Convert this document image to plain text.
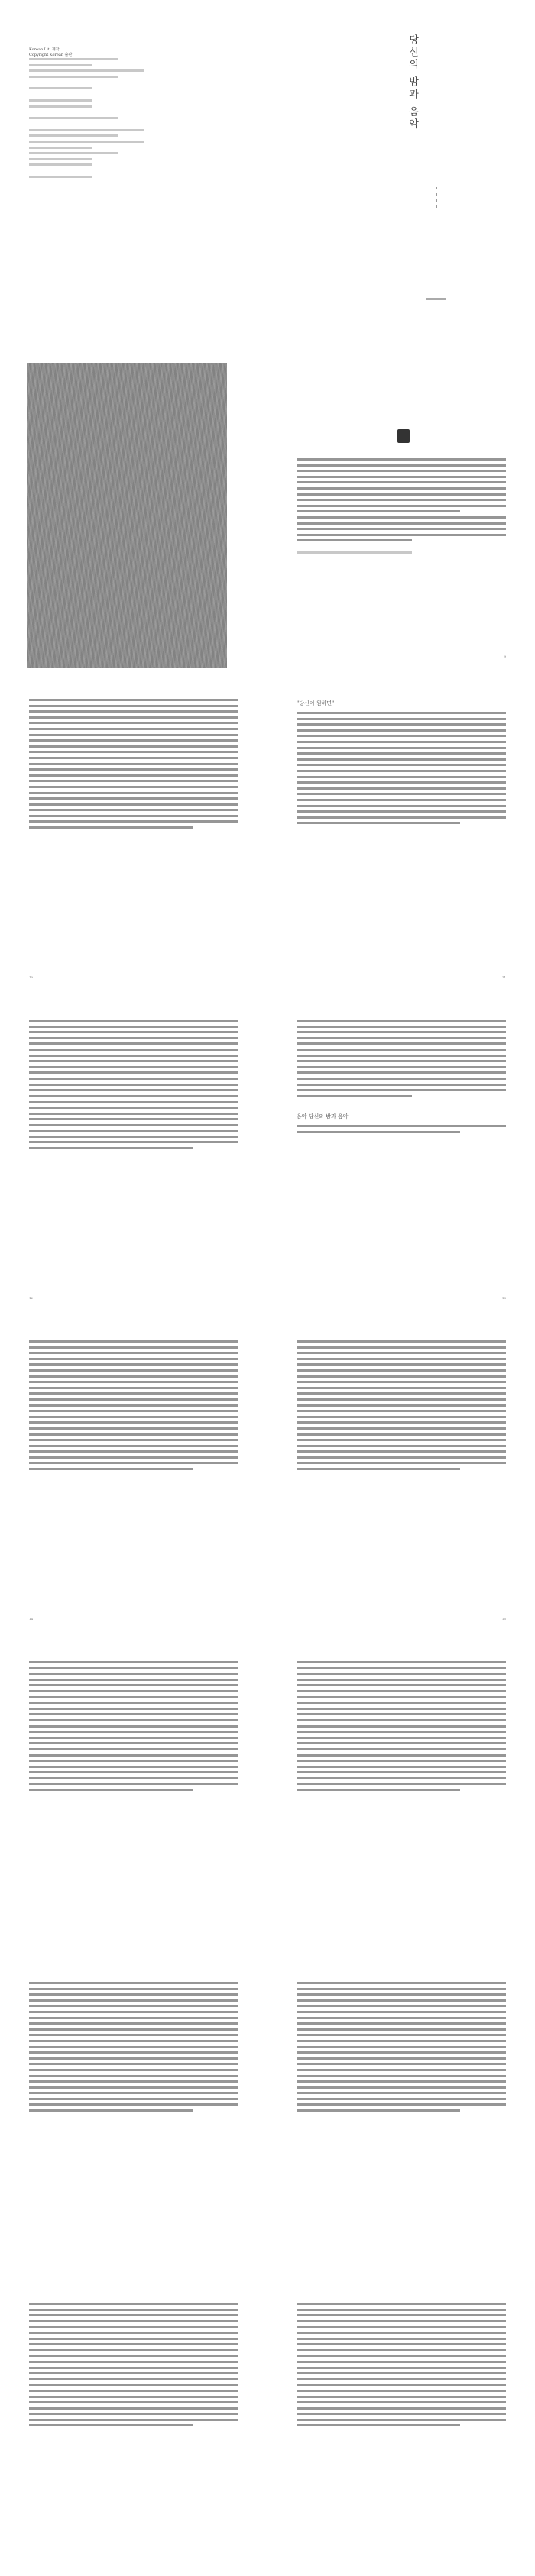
Korean Lit. 제작

Copyright Korean 출판	당신의 밤과 음악
9
10
"당신이 원하면"
11
12
음악 당신의 밤과 음악
13
14	15
